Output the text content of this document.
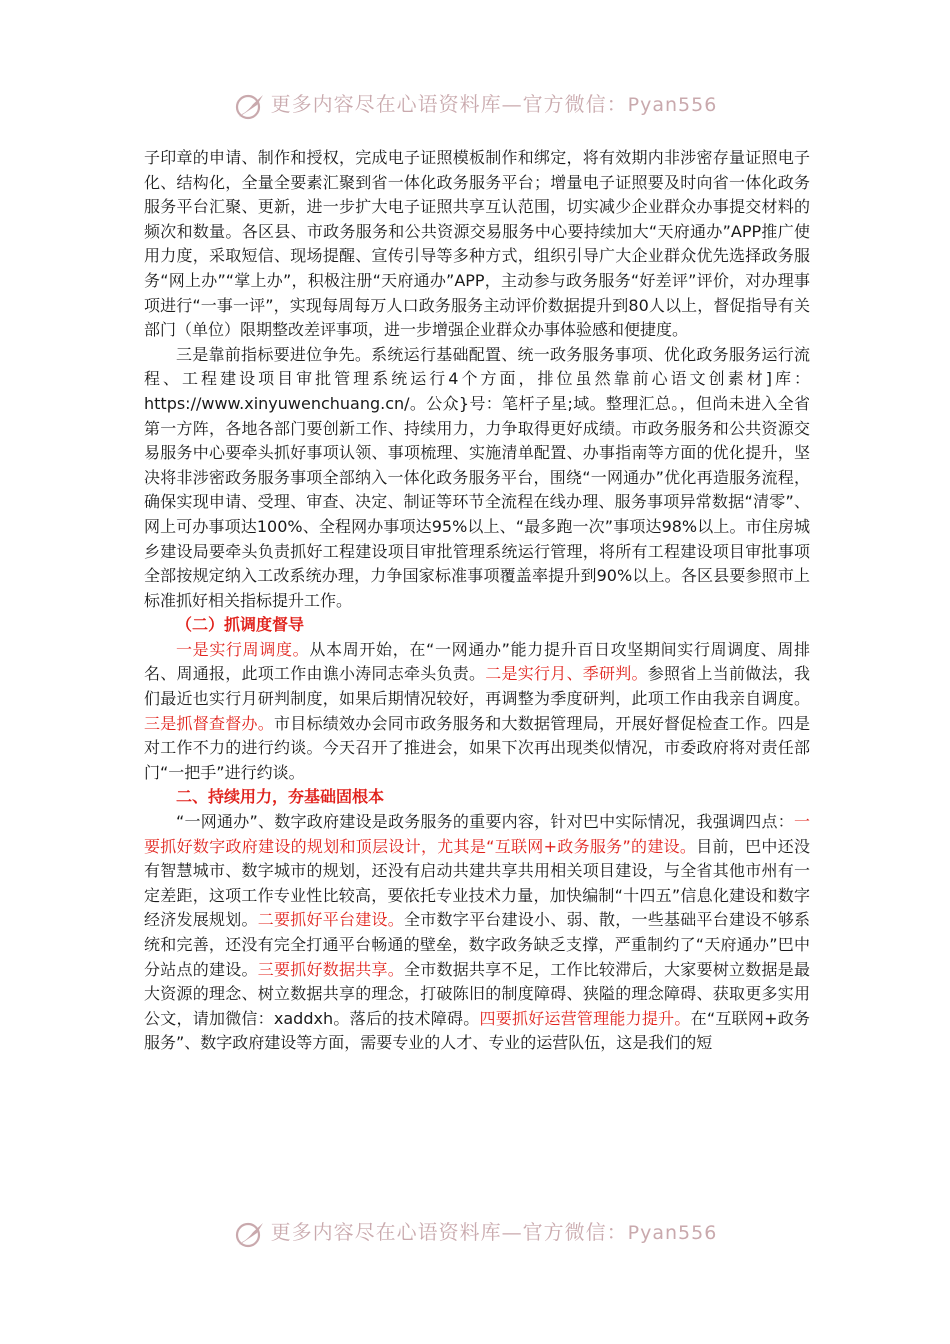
更多内容尽在心语资料库—官方微信：Pyan556

子印章的申请、制作和授权，完成电子证照模板制作和绑定，将有效期内非涉密存量证照电子化、结构化，全量全要素汇聚到省一体化政务服务平台；增量电子证照要及时向省一体化政务服务平台汇聚、更新，进一步扩大电子证照共享互认范围，切实减少企业群众办事提交材料的频次和数量。各区县、市政务服务和公共资源交易服务中心要持续加大“天府通办”APP推广使用力度，采取短信、现场提醒、宣传引导等多种方式，组织引导广大企业群众优先选择政务服务“网上办”“掌上办”，积极注册“天府通办”APP，主动参与政务服务“好差评”评价，对办理事项进行“一事一评”，实现每周每万人口政务服务主动评价数据提升到80人以上，督促指导有关部门（单位）限期整改差评事项，进一步增强企业群众办事体验感和便捷度。

三是靠前指标要进位争先。系统运行基础配置、统一政务服务事项、优化政务服务运行流程、工程建设项目审批管理系统运行4个方面，排位虽然靠前心语文创素材]库：https://www.xinyuwenchuang.cn/。公众}号：笔杆子星;域。整理汇总。，但尚未进入全省第一方阵，各地各部门要创新工作、持续用力，力争取得更好成绩。市政务服务和公共资源交易服务中心要牵头抓好事项认领、事项梳理、实施清单配置、办事指南等方面的优化提升，坚决将非涉密政务服务事项全部纳入一体化政务服务平台，围绕“一网通办”优化再造服务流程，确保实现申请、受理、审查、决定、制证等环节全流程在线办理、服务事项异常数据“清零”、网上可办事项达100%、全程网办事项达95%以上、“最多跑一次”事项达98%以上。市住房城乡建设局要牵头负责抓好工程建设项目审批管理系统运行管理，将所有工程建设项目审批事项全部按规定纳入工改系统办理，力争国家标准事项覆盖率提升到90%以上。各区县要参照市上标准抓好相关指标提升工作。

（二）抓调度督导

一是实行周调度。从本周开始，在“一网通办”能力提升百日攻坚期间实行周调度、周排名、周通报，此项工作由谯小涛同志牵头负责。二是实行月、季研判。参照省上当前做法，我们最近也实行月研判制度，如果后期情况较好，再调整为季度研判，此项工作由我亲自调度。三是抓督查督办。市目标绩效办会同市政务服务和大数据管理局，开展好督促检查工作。四是对工作不力的进行约谈。今天召开了推进会，如果下次再出现类似情况，市委政府将对责任部门“一把手”进行约谈。

二、持续用力，夯基础固根本

“一网通办”、数字政府建设是政务服务的重要内容，针对巴中实际情况，我强调四点：一要抓好数字政府建设的规划和顶层设计，尤其是“互联网+政务服务”的建设。目前，巴中还没有智慧城市、数字城市的规划，还没有启动共建共享共用相关项目建设，与全省其他市州有一定差距，这项工作专业性比较高，要依托专业技术力量，加快编制“十四五”信息化建设和数字经济发展规划。二要抓好平台建设。全市数字平台建设小、弱、散，一些基础平台建设不够系统和完善，还没有完全打通平台畅通的壁垒，数字政务缺乏支撑，严重制约了“天府通办”巴中分站点的建设。三要抓好数据共享。全市数据共享不足，工作比较滞后，大家要树立数据是最大资源的理念、树立数据共享的理念，打破陈旧的制度障碍、狭隘的理念障碍、获取更多实用公文，请加微信：xaddxh。落后的技术障碍。四要抓好运营管理能力提升。在“互联网+政务服务”、数字政府建设等方面，需要专业的人才、专业的运营队伍，这是我们的短

更多内容尽在心语资料库—官方微信：Pyan556
